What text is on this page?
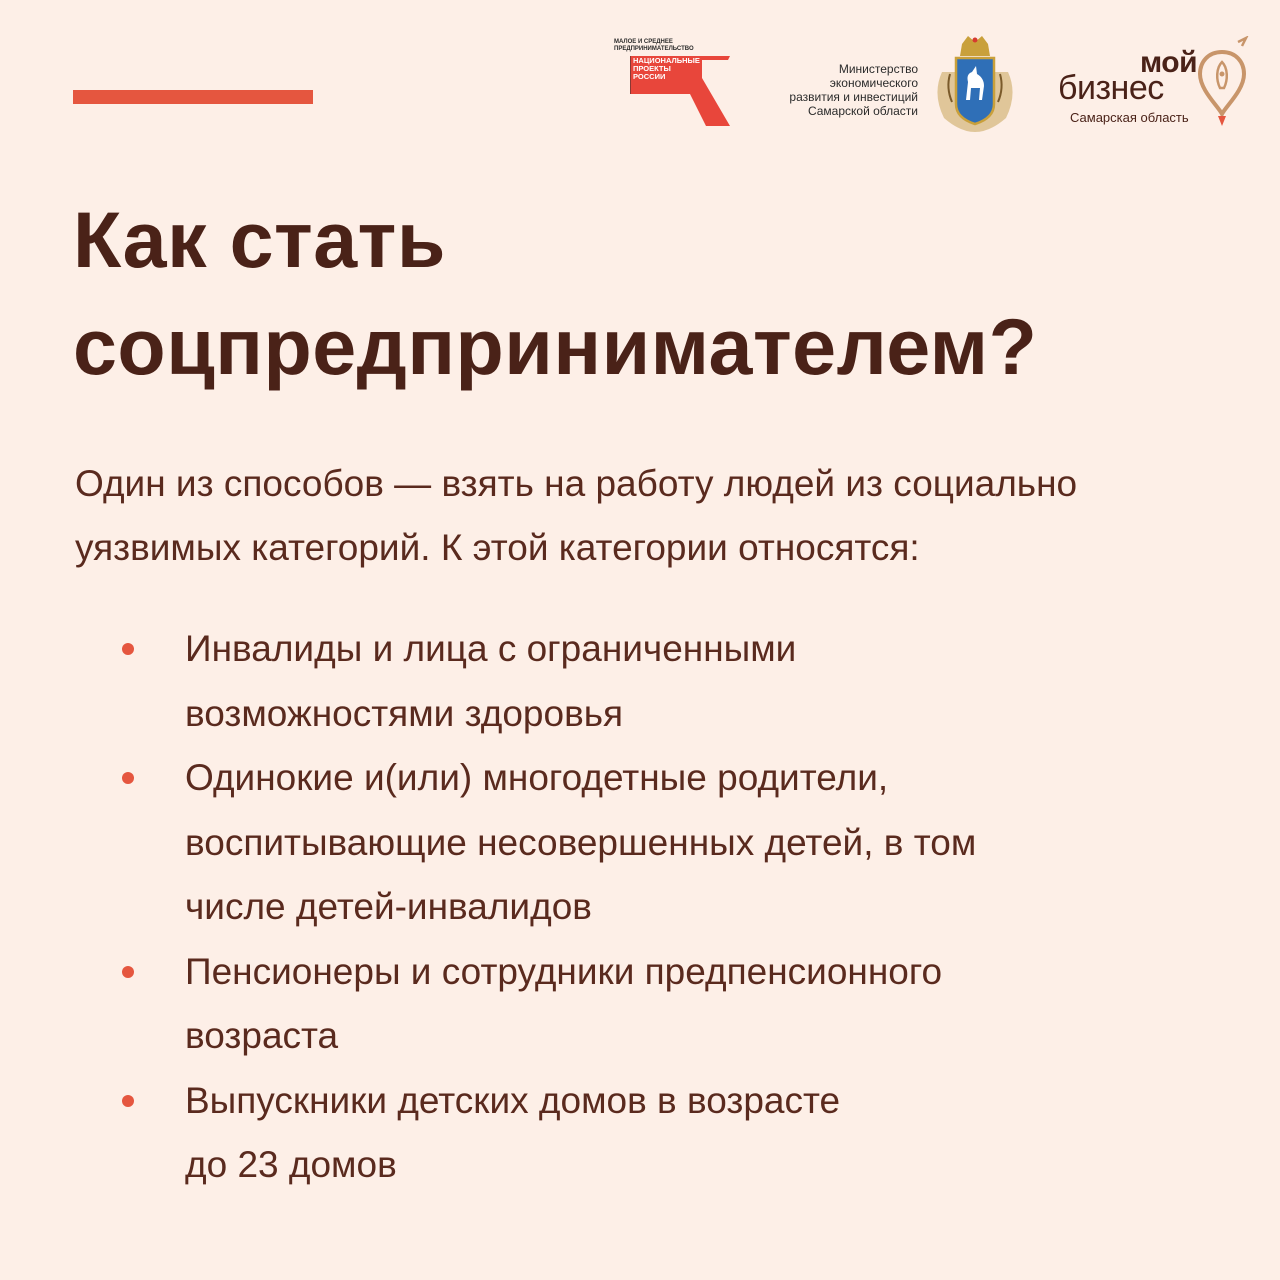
МАЛОЕ И СРЕДНЕЕ ПРЕДПРИНИМАТЕЛЬСТВО
НАЦИОНАЛЬНЫЕ ПРОЕКТЫ РОССИИ
Министерство
экономического
развития и инвестиций
Самарской области
мой
бизнес
Самарская область
Как стать
соцпредпринимателем?

Один из способов — взять на работу людей из социально
уязвимых категорий. К этой категории относятся:

Инвалиды и лица с ограниченными
возможностями здоровья
Одинокие и(или) многодетные родители,
воспитывающие несовершенных детей, в том
числе детей-инвалидов
Пенсионеры и сотрудники предпенсионного
возраста
Выпускники детских домов в возрасте
до 23 домов
